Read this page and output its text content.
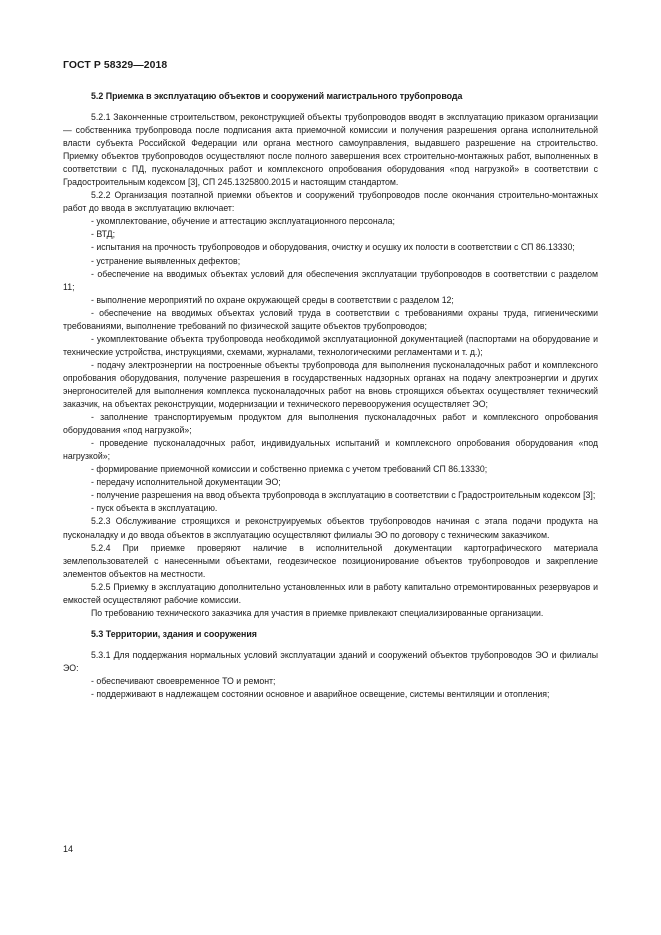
ГОСТ Р 58329—2018
5.2 Приемка в эксплуатацию объектов и сооружений магистрального трубопровода

5.2.1 Законченные строительством, реконструкцией объекты трубопроводов вводят в эксплуатацию приказом организации — собственника трубопровода после подписания акта приемочной комиссии и получения разрешения органа исполнительной власти субъекта Российской Федерации или органа местного самоуправления, выдавшего разрешение на строительство. Приемку объектов трубопроводов осуществляют после полного завершения всех строительно-монтажных работ, выполненных в соответствии с ПД, пусконаладочных работ и комплексного опробования оборудования «под нагрузкой» в соответствии с Градостроительным кодексом [3], СП 245.1325800.2015 и настоящим стандартом.

5.2.2 Организация поэтапной приемки объектов и сооружений трубопроводов после окончания строительно-монтажных работ до ввода в эксплуатацию включает:

- укомплектование, обучение и аттестацию эксплуатационного персонала;

- ВТД;

- испытания на прочность трубопроводов и оборудования, очистку и осушку их полости в соответствии с СП 86.13330;

- устранение выявленных дефектов;

- обеспечение на вводимых объектах условий для обеспечения эксплуатации трубопроводов в соответствии с разделом 11;

- выполнение мероприятий по охране окружающей среды в соответствии с разделом 12;

- обеспечение на вводимых объектах условий труда в соответствии с требованиями охраны труда, гигиеническими требованиями, выполнение требований по физической защите объектов трубопроводов;

- укомплектование объекта трубопровода необходимой эксплуатационной документацией (паспортами на оборудование и технические устройства, инструкциями, схемами, журналами, технологическими регламентами и т. д.);

- подачу электроэнергии на построенные объекты трубопровода для выполнения пусконаладочных работ и комплексного опробования оборудования, получение разрешения в государственных надзорных органах на подачу электроэнергии и других энергоносителей для выполнения комплекса пусконаладочных работ на вновь строящихся объектах осуществляет технический заказчик, на объектах реконструкции, модернизации и технического перевооружения осуществляет ЭО;

- заполнение транспортируемым продуктом для выполнения пусконаладочных работ и комплексного опробования оборудования «под нагрузкой»;

- проведение пусконаладочных работ, индивидуальных испытаний и комплексного опробования оборудования «под нагрузкой»;

- формирование приемочной комиссии и собственно приемка с учетом требований СП 86.13330;

- передачу исполнительной документации ЭО;

- получение разрешения на ввод объекта трубопровода в эксплуатацию в соответствии с Градостроительным кодексом [3];

- пуск объекта в эксплуатацию.

5.2.3 Обслуживание строящихся и реконструируемых объектов трубопроводов начиная с этапа подачи продукта на пусконаладку и до ввода объектов в эксплуатацию осуществляют филиалы ЭО по договору с техническим заказчиком.

5.2.4 При приемке проверяют наличие в исполнительной документации картографического материала землепользователей с нанесенными объектами, геодезическое позиционирование объектов трубопроводов и закрепление элементов объектов на местности.

5.2.5 Приемку в эксплуатацию дополнительно установленных или в работу капитально отремонтированных резервуаров и емкостей осуществляют рабочие комиссии.

По требованию технического заказчика для участия в приемке привлекают специализированные организации.

5.3 Территории, здания и сооружения

5.3.1 Для поддержания нормальных условий эксплуатации зданий и сооружений объектов трубопроводов ЭО и филиалы ЭО:

- обеспечивают своевременное ТО и ремонт;

- поддерживают в надлежащем состоянии основное и аварийное освещение, системы вентиляции и отопления;

14
